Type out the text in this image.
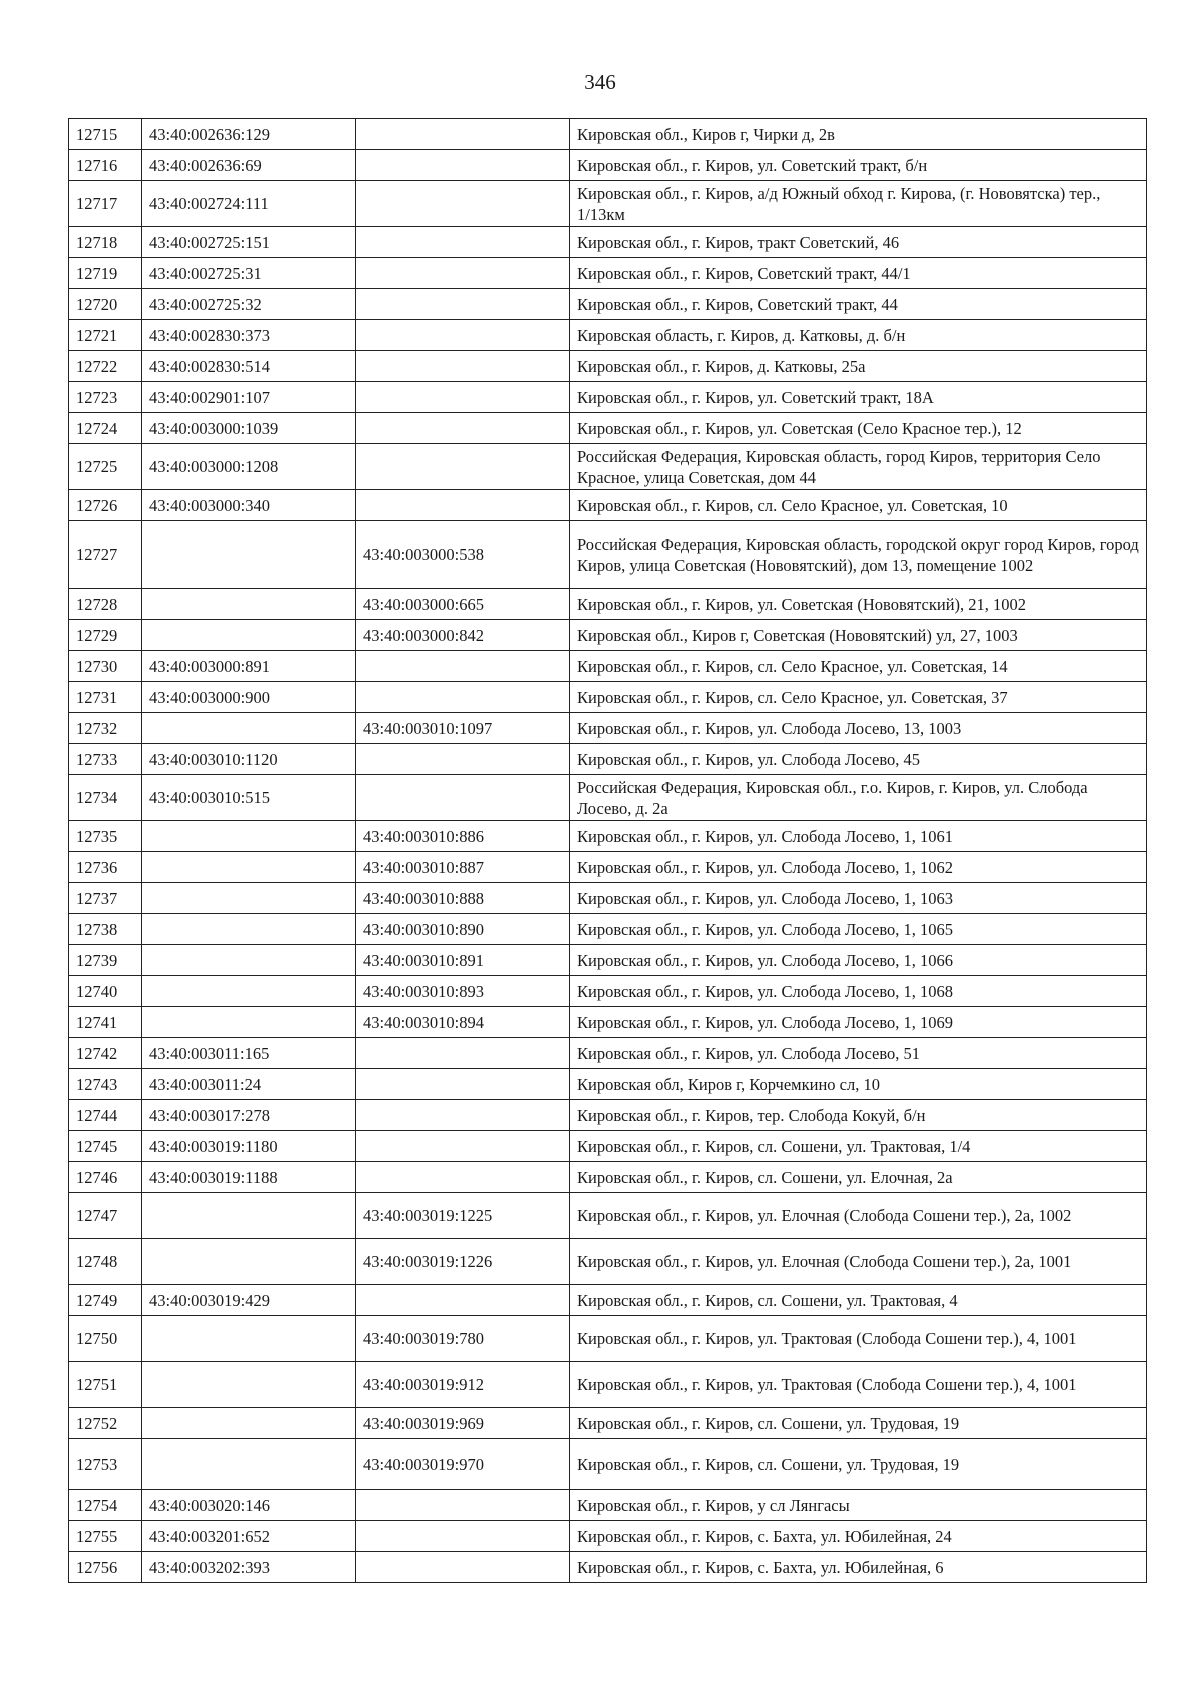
346
12715	43:40:002636:129		Кировская обл., Киров г, Чирки д, 2в
12716	43:40:002636:69		Кировская обл., г. Киров, ул. Советский тракт, б/н
12717	43:40:002724:111		Кировская обл., г. Киров, а/д Южный обход г. Кирова, (г. Нововятска) тер., 1/13км
12718	43:40:002725:151		Кировская обл., г. Киров, тракт Советский, 46
12719	43:40:002725:31		Кировская обл., г. Киров, Советский тракт, 44/1
12720	43:40:002725:32		Кировская обл., г. Киров, Советский тракт, 44
12721	43:40:002830:373		Кировская область, г. Киров, д. Катковы, д. б/н
12722	43:40:002830:514		Кировская обл., г. Киров, д. Катковы, 25а
12723	43:40:002901:107		Кировская обл., г. Киров, ул. Советский тракт, 18А
12724	43:40:003000:1039		Кировская обл., г. Киров, ул. Советская (Село Красное тер.), 12
12725	43:40:003000:1208		Российская Федерация, Кировская область, город Киров, территория Село Красное, улица Советская, дом 44
12726	43:40:003000:340		Кировская обл., г. Киров, сл. Село Красное, ул. Советская, 10
12727		43:40:003000:538	Российская Федерация, Кировская область, городской округ город Киров, город Киров, улица Советская (Нововятский), дом 13, помещение 1002
12728		43:40:003000:665	Кировская обл., г. Киров, ул. Советская (Нововятский), 21, 1002
12729		43:40:003000:842	Кировская обл., Киров г, Советская (Нововятский) ул, 27, 1003
12730	43:40:003000:891		Кировская обл., г. Киров, сл. Село Красное, ул. Советская, 14
12731	43:40:003000:900		Кировская обл., г. Киров, сл. Село Красное, ул. Советская, 37
12732		43:40:003010:1097	Кировская обл., г. Киров, ул. Слобода Лосево, 13, 1003
12733	43:40:003010:1120		Кировская обл., г. Киров, ул. Слобода Лосево, 45
12734	43:40:003010:515		Российская Федерация, Кировская обл., г.о. Киров, г. Киров, ул. Слобода Лосево, д. 2а
12735		43:40:003010:886	Кировская обл., г. Киров, ул. Слобода Лосево, 1, 1061
12736		43:40:003010:887	Кировская обл., г. Киров, ул. Слобода Лосево, 1, 1062
12737		43:40:003010:888	Кировская обл., г. Киров, ул. Слобода Лосево, 1, 1063
12738		43:40:003010:890	Кировская обл., г. Киров, ул. Слобода Лосево, 1, 1065
12739		43:40:003010:891	Кировская обл., г. Киров, ул. Слобода Лосево, 1, 1066
12740		43:40:003010:893	Кировская обл., г. Киров, ул. Слобода Лосево, 1, 1068
12741		43:40:003010:894	Кировская обл., г. Киров, ул. Слобода Лосево, 1, 1069
12742	43:40:003011:165		Кировская обл., г. Киров, ул. Слобода Лосево, 51
12743	43:40:003011:24		Кировская обл, Киров г, Корчемкино сл, 10
12744	43:40:003017:278		Кировская обл., г. Киров, тер. Слобода Кокуй, б/н
12745	43:40:003019:1180		Кировская обл., г. Киров, сл. Сошени, ул. Трактовая, 1/4
12746	43:40:003019:1188		Кировская обл., г. Киров, сл. Сошени, ул. Елочная, 2а
12747		43:40:003019:1225	Кировская обл., г. Киров, ул. Елочная (Слобода Сошени тер.), 2а, 1002
12748		43:40:003019:1226	Кировская обл., г. Киров, ул. Елочная (Слобода Сошени тер.), 2а, 1001
12749	43:40:003019:429		Кировская обл., г. Киров, сл. Сошени, ул. Трактовая, 4
12750		43:40:003019:780	Кировская обл., г. Киров, ул. Трактовая (Слобода Сошени тер.), 4, 1001
12751		43:40:003019:912	Кировская обл., г. Киров, ул. Трактовая (Слобода Сошени тер.), 4, 1001
12752		43:40:003019:969	Кировская обл., г. Киров, сл. Сошени, ул. Трудовая, 19
12753		43:40:003019:970	Кировская обл., г. Киров, сл. Сошени, ул. Трудовая, 19
12754	43:40:003020:146		Кировская обл., г. Киров, у сл Лянгасы
12755	43:40:003201:652		Кировская обл., г. Киров, с. Бахта, ул. Юбилейная, 24
12756	43:40:003202:393		Кировская обл., г. Киров, с. Бахта, ул. Юбилейная, 6
